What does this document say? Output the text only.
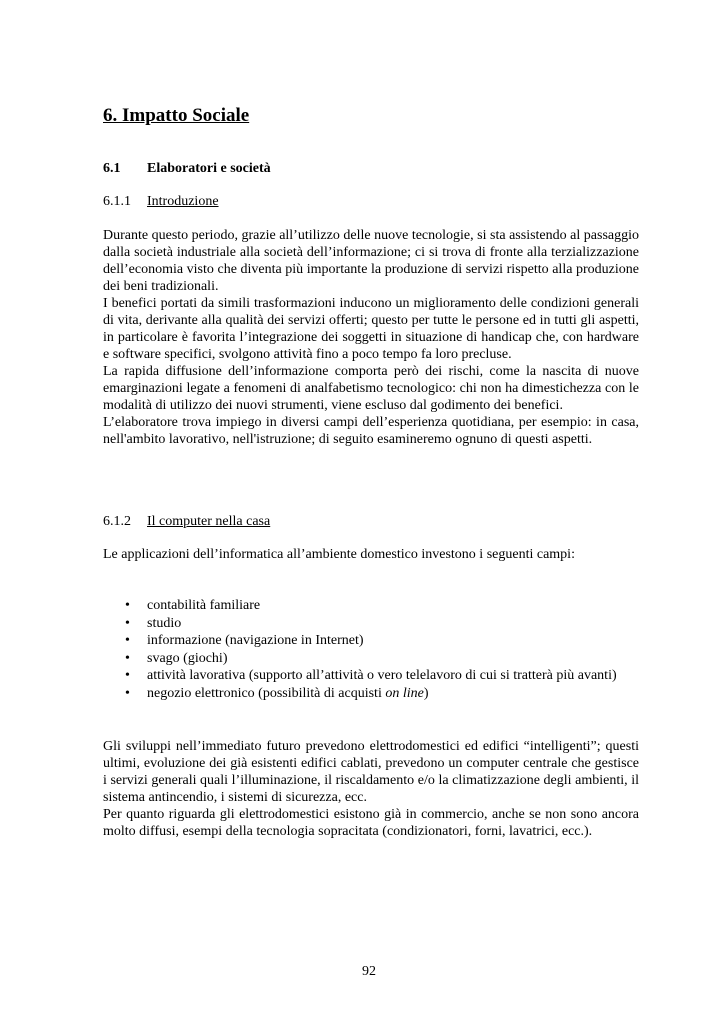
6. Impatto Sociale
6.1 Elaboratori e società
6.1.1 Introduzione

Durante questo periodo, grazie all’utilizzo delle nuove tecnologie, si sta assistendo al passaggio dalla società industriale alla società dell’informazione; ci si trova di fronte alla terzializzazione dell’economia visto che diventa più importante la produzione di servizi rispetto alla produzione dei beni tradizionali.

I benefici portati da simili trasformazioni inducono un miglioramento delle condizioni generali di vita, derivante alla qualità dei servizi offerti; questo per tutte le persone ed in tutti gli aspetti, in particolare è favorita l’integrazione dei soggetti in situazione di handicap che, con hardware e software specifici, svolgono attività fino a poco tempo fa loro precluse.

La rapida diffusione dell’informazione comporta però dei rischi, come la nascita di nuove emarginazioni legate a fenomeni di analfabetismo tecnologico: chi non ha dimestichezza con le modalità di utilizzo dei nuovi strumenti, viene escluso dal godimento dei benefici.

L’elaboratore trova impiego in diversi campi dell’esperienza quotidiana, per esempio: in casa, nell'ambito lavorativo, nell'istruzione; di seguito esamineremo ognuno di questi aspetti.

6.1.2 Il computer nella casa
Le applicazioni dell’informatica all’ambiente domestico investono i seguenti campi:
• contabilità familiare
• studio
• informazione (navigazione in Internet)
• svago (giochi)
• attività lavorativa (supporto all’attività o vero telelavoro di cui si tratterà più avanti)
• negozio elettronico (possibilità di acquisti on line)

Gli sviluppi nell’immediato futuro prevedono elettrodomestici ed edifici “intelligenti”; questi ultimi, evoluzione dei già esistenti edifici cablati, prevedono un computer centrale che gestisce i servizi generali quali l’illuminazione, il riscaldamento e/o la climatizzazione degli ambienti, il sistema antincendio, i sistemi di sicurezza, ecc.

Per quanto riguarda gli elettrodomestici esistono già in commercio, anche se non sono ancora molto diffusi, esempi della tecnologia sopracitata (condizionatori, forni, lavatrici, ecc.).

92
